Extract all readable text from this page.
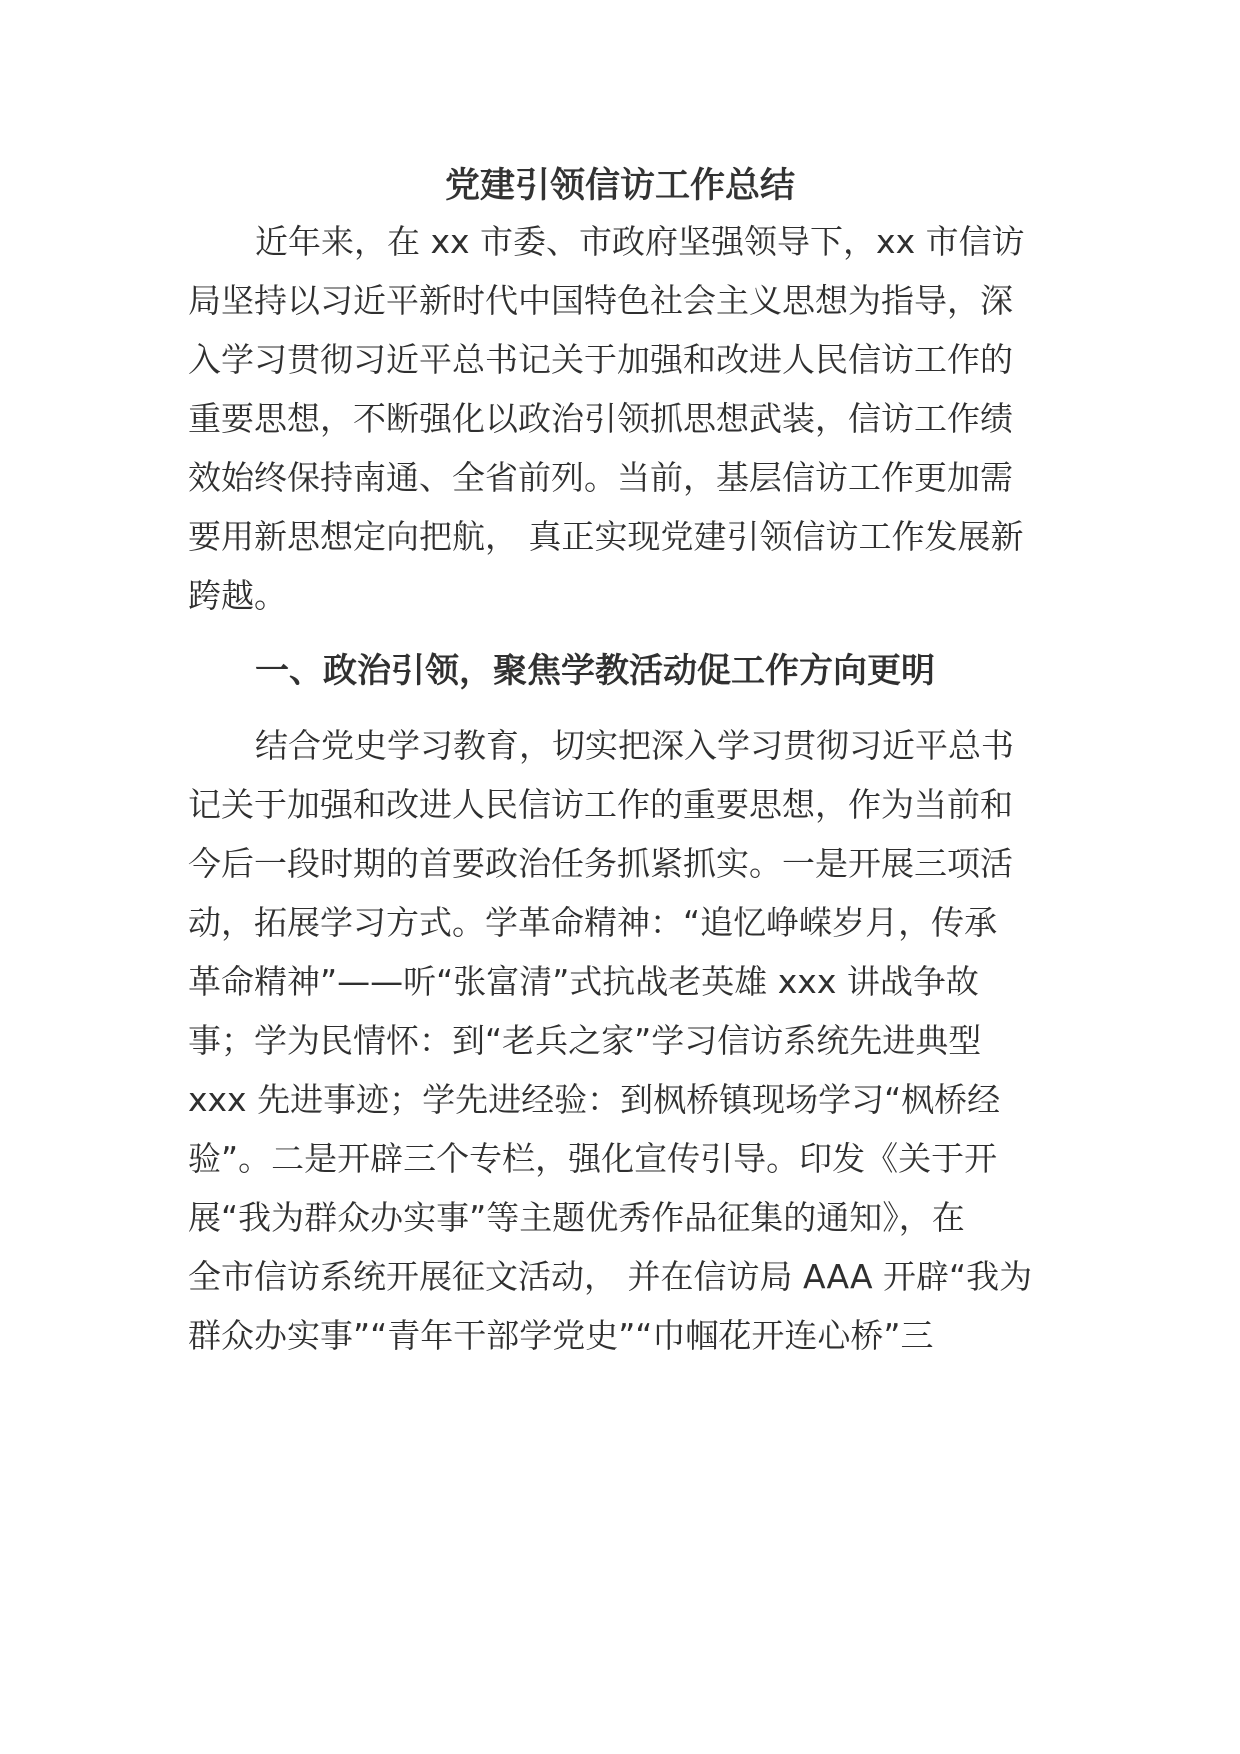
党建引领信访工作总结
近年来，在 xx 市委、市政府坚强领导下，xx 市信访
局坚持以习近平新时代中国特色社会主义思想为指导，深
入学习贯彻习近平总书记关于加强和改进人民信访工作的
重要思想，不断强化以政治引领抓思想武装，信访工作绩
效始终保持南通、全省前列。当前，基层信访工作更加需
要用新思想定向把航， 真正实现党建引领信访工作发展新
跨越。
一、政治引领，聚焦学教活动促工作方向更明
结合党史学习教育，切实把深入学习贯彻习近平总书
记关于加强和改进人民信访工作的重要思想，作为当前和
今后一段时期的首要政治任务抓紧抓实。一是开展三项活
动，拓展学习方式。学革命精神：“追忆峥嵘岁月，传承
革命精神”——听“张富清”式抗战老英雄 xxx 讲战争故
事；学为民情怀：到“老兵之家”学习信访系统先进典型
xxx 先进事迹；学先进经验：到枫桥镇现场学习“枫桥经
验”。二是开辟三个专栏，强化宣传引导。印发《关于开
展“我为群众办实事”等主题优秀作品征集的通知》，在
全市信访系统开展征文活动， 并在信访局 AAA 开辟“我为
群众办实事”“青年干部学党史”“巾帼花开连心桥”三
